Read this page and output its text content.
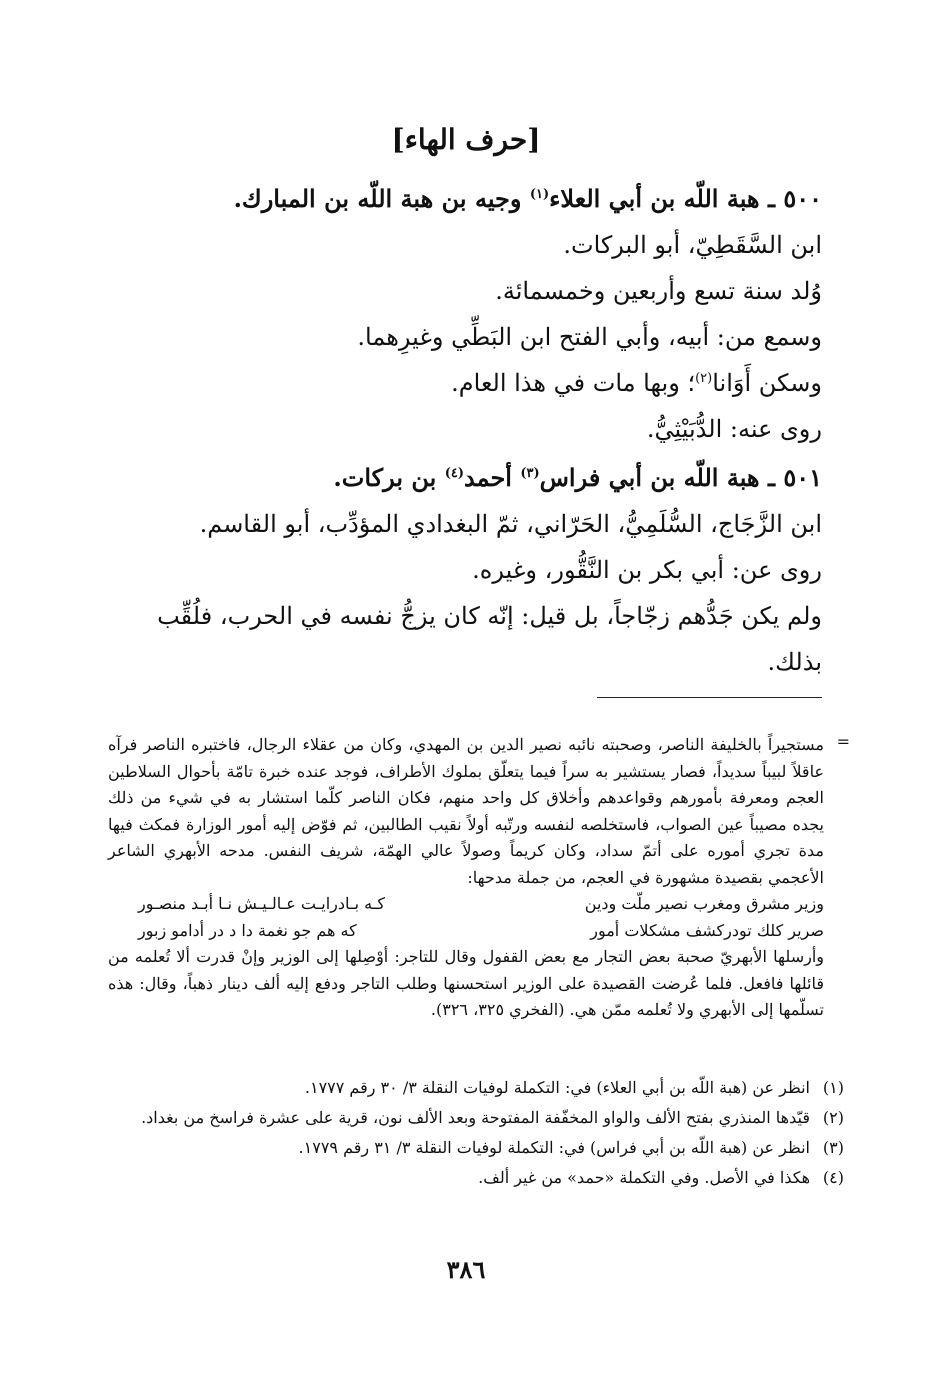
[حرف الهاء]
٥٠٠ ـ هبة اللّه بن أبي العلاء$^{(١)}$ وجيه بن هبة اللّه بن المبارك.
ابن السَّقَطِيّ، أبو البركات.
وُلد سنة تسع وأربعين وخمسمائة.
وسمع من: أبيه، وأبي الفتح ابن البَطِّي وغيرِهما.
وسكن أَوَانا$^{(٢)}$؛ وبها مات في هذا العام.
روى عنه: الدُّبَيْثِيُّ.
٥٠١ ـ هبة اللّه بن أبي فراس$^{(٣)}$ أحمد$^{(٤)}$ بن بركات.
ابن الزَّجَاج، السُّلَمِيُّ، الحَرّاني، ثمّ البغدادي المؤدِّب، أبو القاسم.
روى عن: أبي بكر بن النَّقُّور، وغيره.
ولم يكن جَدُّهم زجّاجاً، بل قيل: إنّه كان يزجُّ نفسه في الحرب، فلُقِّب
بذلك.
=

مستجيراً بالخليفة الناصر، وصحبته نائبه نصير الدين بن المهدي، وكان من عقلاء الرجال، فاختبره الناصر فرآه عاقلاً لبيباً سديداً، فصار يستشير به سراً فيما يتعلّق بملوك الأطراف، فوجد عنده خبرة تامّة بأحوال السلاطين العجم ومعرفة بأمورهم وقواعدهم وأخلاق كل واحد منهم، فكان الناصر كلّما استشار به في شيء من ذلك يجده مصيباً عين الصواب، فاستخلصه لنفسه ورتّبه أولاً نقيب الطالبين، ثم فوّض إليه أمور الوزارة فمكث فيها مدة تجري أموره على أتمّ سداد، وكان كريماً وصولاً عالي الهمّة، شريف النفس. مدحه الأبهري الشاعر الأعجمي بقصيدة مشهورة في العجم، من جملة مدحها:

وزير مشرق ومغرب نصير ملّت ودين
كـه بـادرايـت عـالـيـش نـا أبـد منصـور
صرير كلك تودركشف مشكلات أمور
كه هم جو نغمة دا د در أدامو زبور

وأرسلها الأبهريّ صحبة بعض التجار مع بعض القفول وقال للتاجر: أوْصِلها إلى الوزير وإنْ قدرت ألا تُعلمه من قائلها فافعل. فلما عُرضت القصيدة على الوزير استحسنها وطلب التاجر ودفع إليه ألف دينار ذهباً، وقال: هذه تسلّمها إلى الأبهري ولا تُعلمه ممّن هي. (الفخري ٣٢٥، ٣٢٦).

(١)
انظر عن (هبة اللّه بن أبي العلاء) في: التكملة لوفيات النقلة ٣/ ٣٠ رقم ١٧٧٧.
(٢)
قيّدها المنذري بفتح الألف والواو المخفّفة المفتوحة وبعد الألف نون، قرية على عشرة فراسخ من بغداد.
(٣)
انظر عن (هبة اللّه بن أبي فراس) في: التكملة لوفيات النقلة ٣/ ٣١ رقم ١٧٧٩.
(٤)
هكذا في الأصل. وفي التكملة «حمد» من غير ألف.
٣٨٦
